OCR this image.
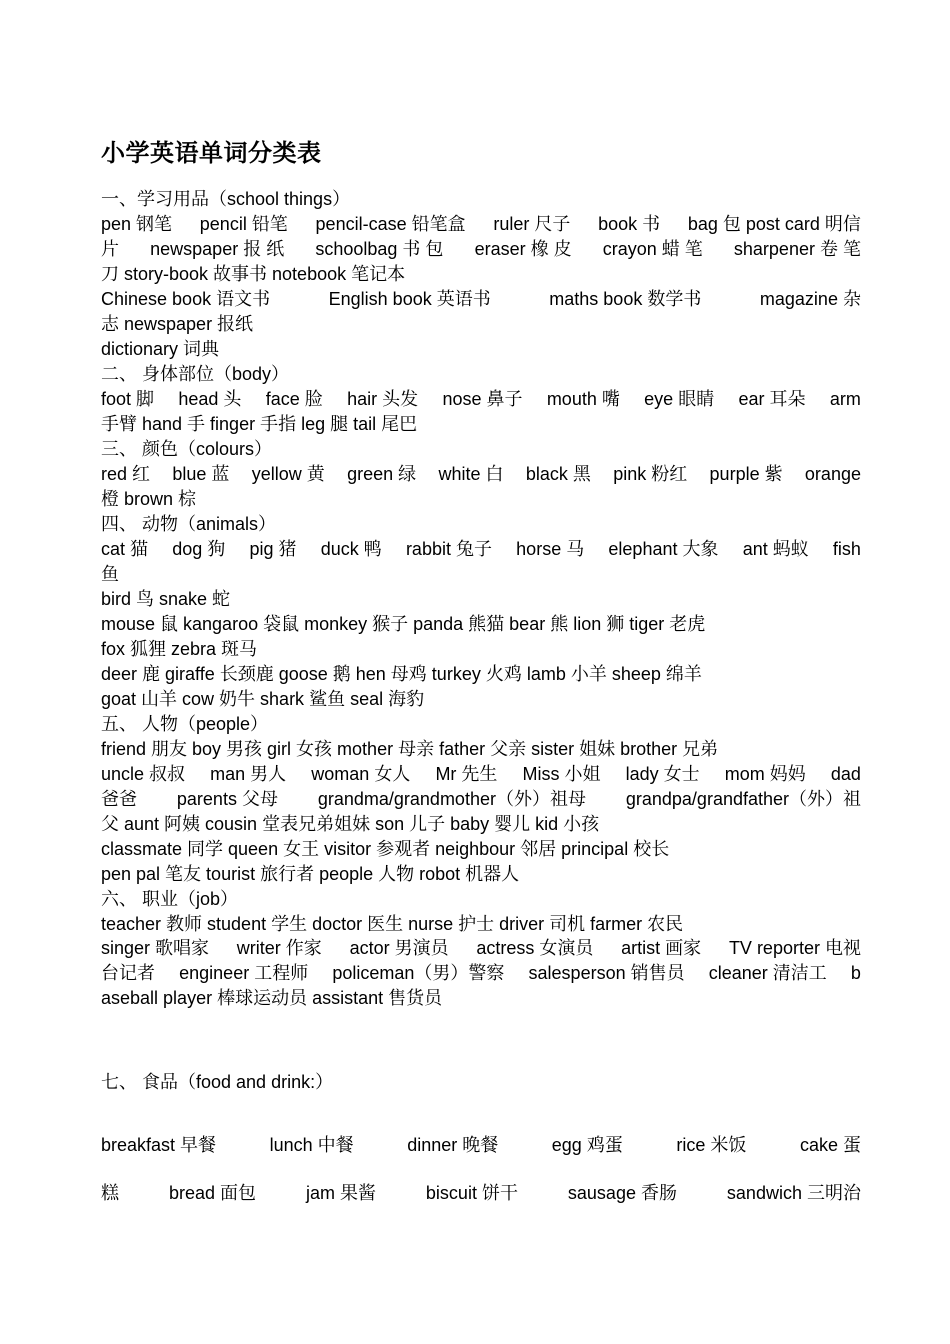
小学英语单词分类表
一、学习用品（school things）
pen 钢笔 pencil 铅笔 pencil-case 铅笔盒 ruler 尺子 book 书 bag 包 post card 明信
片 newspaper 报 纸 schoolbag 书 包 eraser 橡 皮 crayon 蜡 笔 sharpener 卷 笔
刀 story-book 故事书 notebook 笔记本
Chinese book 语文书	English book 英语书	maths book 数学书	magazine 杂
志 newspaper 报纸
dictionary 词典
二、 身体部位（body）
foot 脚 head 头 face 脸 hair 头发 nose 鼻子 mouth 嘴 eye 眼睛 ear 耳朵 arm
手臂 hand 手 finger 手指 leg 腿 tail 尾巴
三、 颜色（colours）
red 红 blue 蓝 yellow 黄 green 绿 white 白 black 黑 pink 粉红 purple 紫 orange
橙 brown 棕
四、 动物（animals）
cat 猫 dog 狗 pig 猪 duck 鸭 rabbit 兔子 horse 马 elephant 大象 ant 蚂蚁 fish
鱼
bird 鸟 snake 蛇
mouse 鼠 kangaroo 袋鼠 monkey 猴子 panda 熊猫 bear 熊 lion 狮 tiger 老虎
fox 狐狸 zebra 斑马
deer 鹿 giraffe 长颈鹿 goose 鹅 hen 母鸡 turkey 火鸡 lamb 小羊 sheep 绵羊
goat 山羊 cow 奶牛 shark 鲨鱼 seal 海豹
五、 人物（people）
friend 朋友 boy 男孩 girl 女孩 mother 母亲 father 父亲 sister 姐妹 brother 兄弟
uncle 叔叔 man 男人 woman 女人 Mr 先生 Miss 小姐 lady 女士 mom 妈妈 dad
爸爸 parents 父母 grandma/grandmother（外）祖母 grandpa/grandfather（外）祖
父 aunt 阿姨 cousin 堂表兄弟姐妹 son 儿子 baby 婴儿 kid 小孩
classmate 同学 queen 女王 visitor 参观者 neighbour 邻居 principal 校长
pen pal 笔友 tourist 旅行者 people 人物 robot 机器人
六、 职业（job）
teacher 教师 student 学生 doctor 医生 nurse 护士 driver 司机 farmer 农民
singer 歌唱家 writer 作家 actor 男演员 actress 女演员 artist 画家 TV reporter 电视
台记者 engineer 工程师 policeman（男）警察 salesperson 销售员 cleaner 清洁工 b
aseball player 棒球运动员 assistant 售货员
七、 食品（food and drink:）
breakfast 早餐	lunch 中餐	dinner 晚餐	egg 鸡蛋	rice 米饭	cake 蛋
糕	bread 面包	jam 果酱	biscuit 饼干	sausage 香肠	sandwich 三明治
